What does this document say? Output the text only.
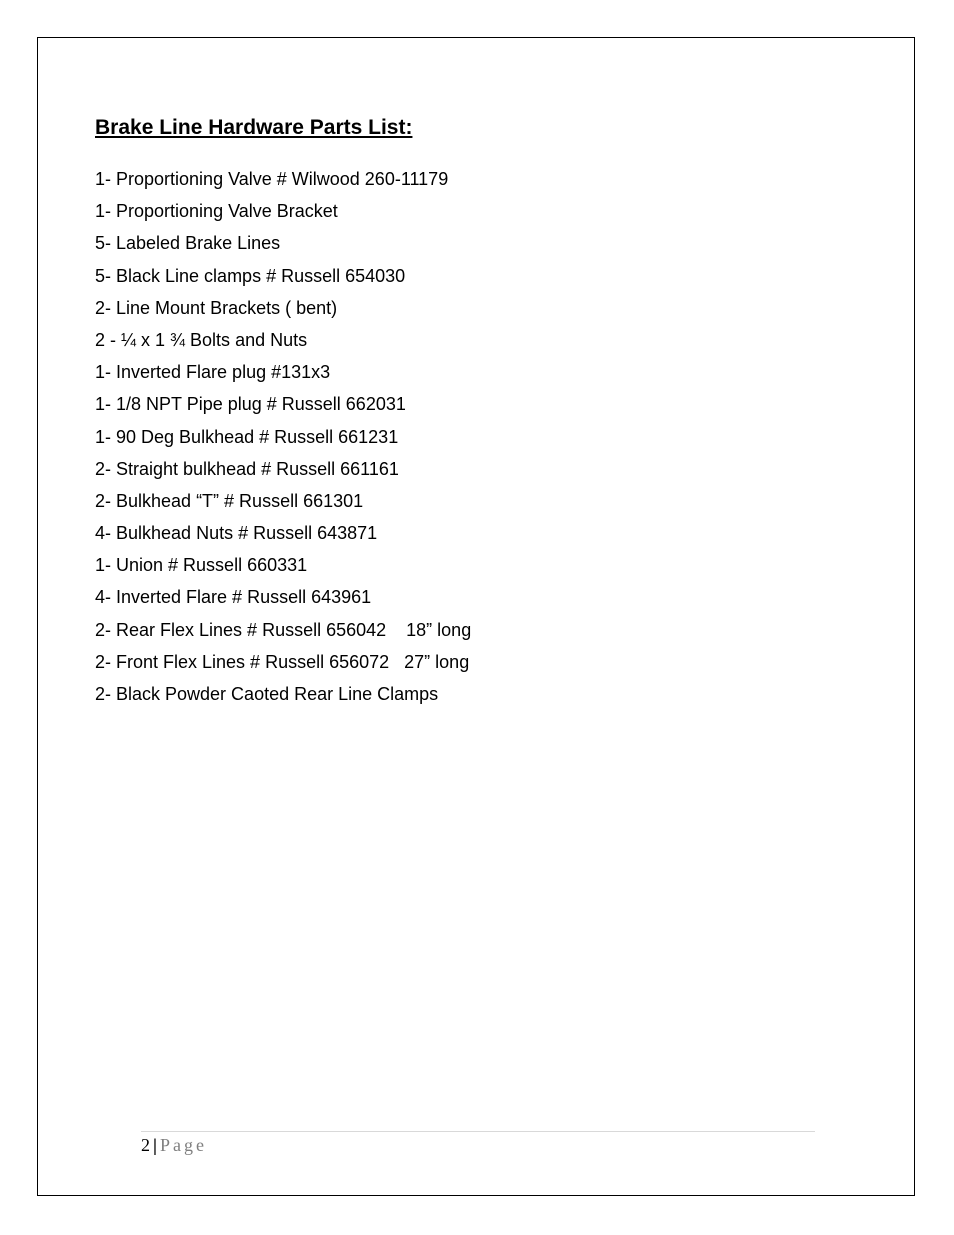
Brake Line Hardware Parts List:
1- Proportioning Valve # Wilwood 260-11179
1- Proportioning Valve Bracket
5- Labeled Brake Lines
5- Black Line clamps # Russell 654030
2- Line Mount Brackets ( bent)
2 - ¼ x 1 ¾ Bolts and Nuts
1- Inverted Flare plug #131x3
1- 1/8 NPT Pipe plug # Russell 662031
1- 90 Deg Bulkhead # Russell 661231
2- Straight bulkhead # Russell 661161
2- Bulkhead “T” # Russell 661301
4- Bulkhead Nuts # Russell 643871
1- Union # Russell 660331
4- Inverted Flare # Russell 643961
2- Rear Flex Lines # Russell 656042    18” long
2- Front Flex Lines # Russell 656072   27” long
2- Black Powder Caoted Rear Line Clamps
2 | Page
